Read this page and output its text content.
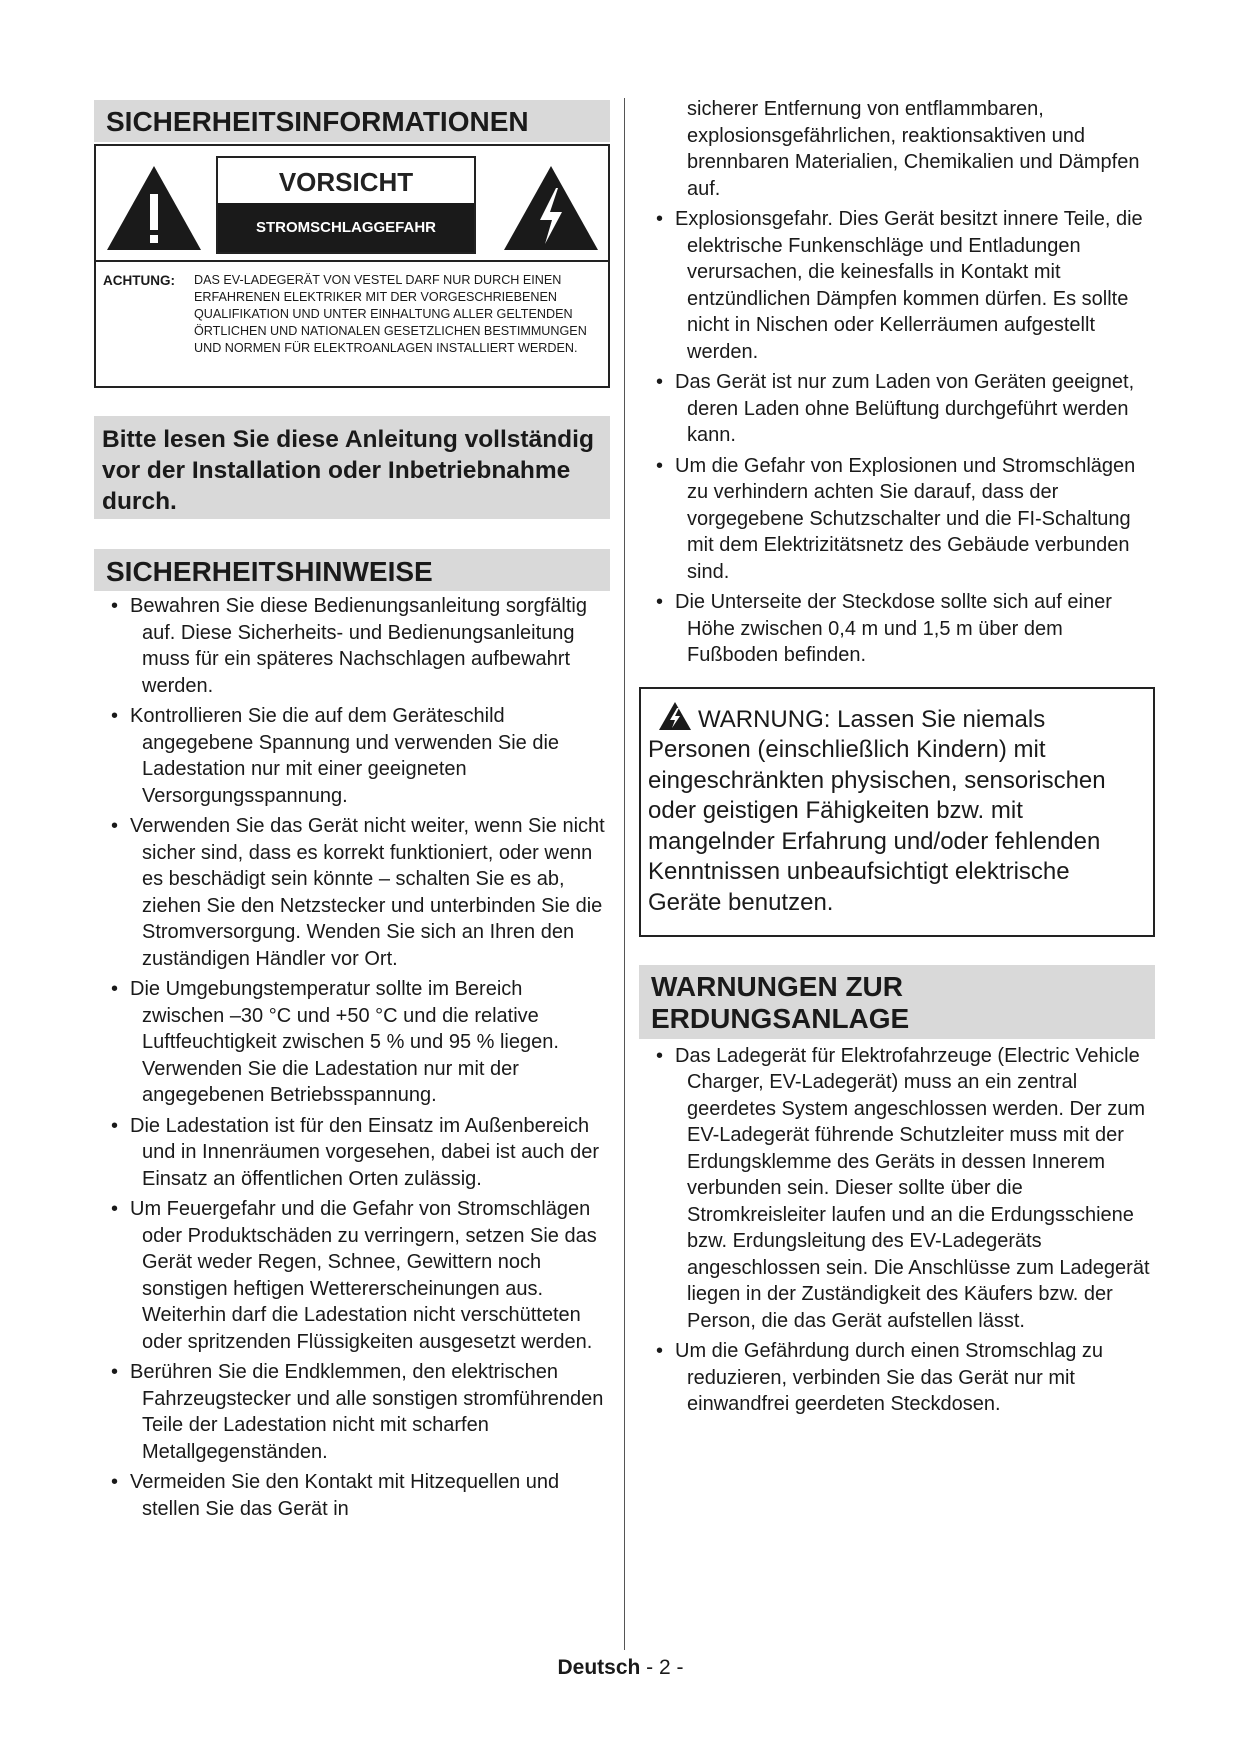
SICHERHEITSINFORMATIONEN
VORSICHT
STROMSCHLAGGEFAHR
ACHTUNG: DAS EV-LADEGERÄT VON VESTEL DARF NUR DURCH EINEN ERFAHRENEN ELEKTRIKER MIT DER VORGESCHRIEBENEN QUALIFIKATION UND UNTER EINHALTUNG ALLER GELTENDEN ÖRTLICHEN UND NATIONALEN GESETZLICHEN BESTIMMUNGEN UND NORMEN FÜR ELEKTROANLAGEN INSTALLIERT WERDEN.
Bitte lesen Sie diese Anleitung vollständig vor der Installation oder Inbetriebnahme durch.
SICHERHEITSHINWEISE
• Bewahren Sie diese Bedienungsanleitung sorgfältig auf. Diese Sicherheits- und Bedienungsanleitung muss für ein späteres Nachschlagen aufbewahrt werden.
• Kontrollieren Sie die auf dem Geräteschild angegebene Spannung und verwenden Sie die Ladestation nur mit einer geeigneten Versorgungsspannung.
• Verwenden Sie das Gerät nicht weiter, wenn Sie nicht sicher sind, dass es korrekt funktioniert, oder wenn es beschädigt sein könnte – schalten Sie es ab, ziehen Sie den Netzstecker und unterbinden Sie die Stromversorgung. Wenden Sie sich an Ihren den zuständigen Händler vor Ort.
• Die Umgebungstemperatur sollte im Bereich zwischen –30 °C und +50 °C und die relative Luftfeuchtigkeit zwischen 5 % und 95 % liegen. Verwenden Sie die Ladestation nur mit der angegebenen Betriebsspannung.
• Die Ladestation ist für den Einsatz im Außenbereich und in Innenräumen vorgesehen, dabei ist auch der Einsatz an öffentlichen Orten zulässig.
• Um Feuergefahr und die Gefahr von Stromschlägen oder Produktschäden zu verringern, setzen Sie das Gerät weder Regen, Schnee, Gewittern noch sonstigen heftigen Wettererscheinungen aus. Weiterhin darf die Ladestation nicht verschütteten oder spritzenden Flüssigkeiten ausgesetzt werden.
• Berühren Sie die Endklemmen, den elektrischen Fahrzeugstecker und alle sonstigen stromführenden Teile der Ladestation nicht mit scharfen Metallgegenständen.
• Vermeiden Sie den Kontakt mit Hitzequellen und stellen Sie das Gerät in
sicherer Entfernung von entflammbaren, explosionsgefährlichen, reaktionsaktiven und brennbaren Materialien, Chemikalien und Dämpfen auf.
• Explosionsgefahr. Dies Gerät besitzt innere Teile, die elektrische Funkenschläge und Entladungen verursachen, die keinesfalls in Kontakt mit entzündlichen Dämpfen kommen dürfen. Es sollte nicht in Nischen oder Kellerräumen aufgestellt werden.
• Das Gerät ist nur zum Laden von Geräten geeignet, deren Laden ohne Belüftung durchgeführt werden kann.
• Um die Gefahr von Explosionen und Stromschlägen zu verhindern achten Sie darauf, dass der vorgegebene Schutzschalter und die FI-Schaltung mit dem Elektrizitätsnetz des Gebäude verbunden sind.
• Die Unterseite der Steckdose sollte sich auf einer Höhe zwischen 0,4 m und 1,5 m über dem Fußboden befinden.
WARNUNG: Lassen Sie niemals Personen (einschließlich Kindern) mit eingeschränkten physischen, sensorischen oder geistigen Fähigkeiten bzw. mit mangelnder Erfahrung und/oder fehlenden Kenntnissen unbeaufsichtigt elektrische Geräte benutzen.
WARNUNGEN ZUR
ERDUNGSANLAGE
• Das Ladegerät für Elektrofahrzeuge (Electric Vehicle Charger, EV-Ladegerät) muss an ein zentral geerdetes System angeschlossen werden. Der zum EV-Ladegerät führende Schutzleiter muss mit der Erdungsklemme des Geräts in dessen Innerem verbunden sein. Dieser sollte über die Stromkreisleiter laufen und an die Erdungsschiene bzw. Erdungsleitung des EV-Ladegeräts angeschlossen sein. Die Anschlüsse zum Ladegerät liegen in der Zuständigkeit des Käufers bzw. der Person, die das Gerät aufstellen lässt.
• Um die Gefährdung durch einen Stromschlag zu reduzieren, verbinden Sie das Gerät nur mit einwandfrei geerdeten Steckdosen.
Deutsch - 2 -
